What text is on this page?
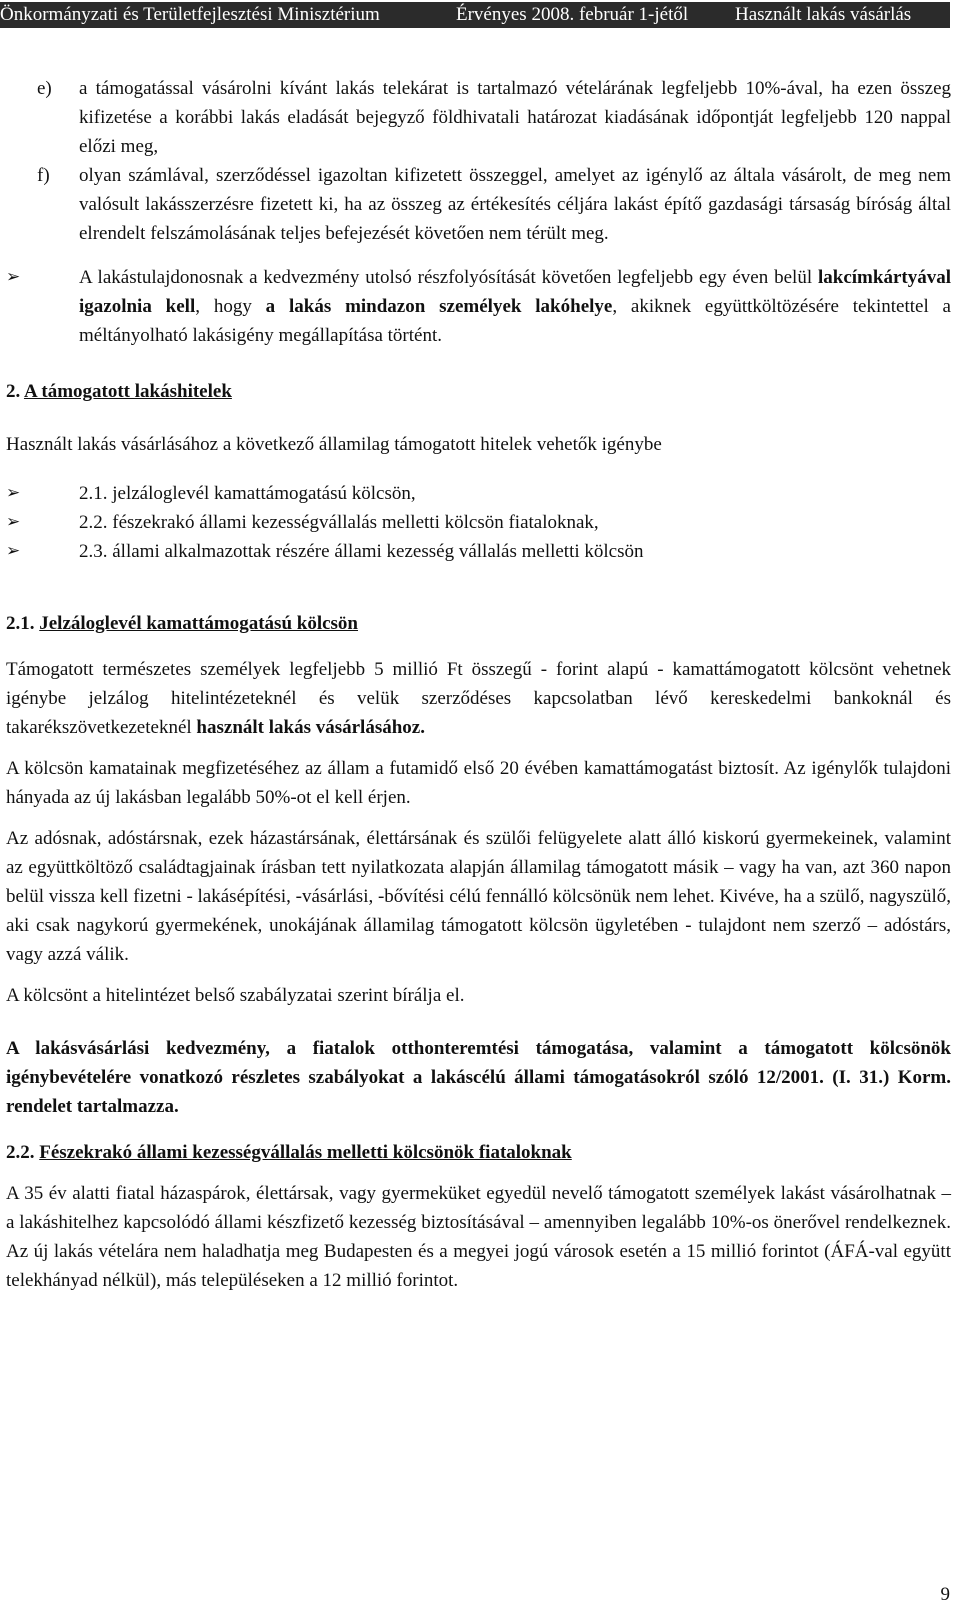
Önkormányzati és Területfejlesztési Minisztérium	Érvényes 2008. február 1-jétől Használt lakás vásárlás
e) a támogatással vásárolni kívánt lakás telekárat is tartalmazó vételárának legfeljebb 10%-ával, ha ezen összeg kifizetése a korábbi lakás eladását bejegyző földhivatali határozat kiadásának időpontját legfeljebb 120 nappal előzi meg,
f) olyan számlával, szerződéssel igazoltan kifizetett összeggel, amelyet az igénylő az általa vásárolt, de meg nem valósult lakásszerzésre fizetett ki, ha az összeg az értékesítés céljára lakást építő gazdasági társaság bíróság által elrendelt felszámolásának teljes befejezését követően nem térült meg.
➢	A lakástulajdonosnak a kedvezmény utolsó részfolyósítását követően legfeljebb egy éven belül lakcímkártyával igazolnia kell, hogy a lakás mindazon személyek lakóhelye, akiknek együttköltözésére tekintettel a méltányolható lakásigény megállapítása történt.

2. A támogatott lakáshitelek

Használt lakás vásárlásához a következő államilag támogatott hitelek vehetők igénybe

➢	2.1. jelzáloglevél kamattámogatású kölcsön,
➢	2.2. fészekrakó állami kezességvállalás melletti kölcsön fiataloknak,
➢	2.3. állami alkalmazottak részére állami kezesség vállalás melletti kölcsön

2.1. Jelzáloglevél kamattámogatású kölcsön

Támogatott természetes személyek legfeljebb 5 millió Ft összegű - forint alapú - kamattámogatott kölcsönt vehetnek igénybe jelzálog hitelintézeteknél és velük szerződéses kapcsolatban lévő kereskedelmi bankoknál és takarékszövetkezeteknél használt lakás vásárlásához.

A kölcsön kamatainak megfizetéséhez az állam a futamidő első 20 évében kamattámogatást biztosít. Az igénylők tulajdoni hányada az új lakásban legalább 50%-ot el kell érjen.

Az adósnak, adóstársnak, ezek házastársának, élettársának és szülői felügyelete alatt álló kiskorú gyermekeinek, valamint az együttköltöző családtagjainak írásban tett nyilatkozata alapján államilag támogatott másik – vagy ha van, azt 360 napon belül vissza kell fizetni - lakásépítési, -vásárlási, -bővítési célú fennálló kölcsönük nem lehet. Kivéve, ha a szülő, nagyszülő, aki csak nagykorú gyermekének, unokájának államilag támogatott kölcsön ügyletében - tulajdont nem szerző – adóstárs, vagy azzá válik.

A kölcsönt a hitelintézet belső szabályzatai szerint bírálja el.

A lakásvásárlási kedvezmény, a fiatalok otthonteremtési támogatása, valamint a támogatott kölcsönök igénybevételére vonatkozó részletes szabályokat a lakáscélú állami támogatásokról szóló 12/2001. (I. 31.) Korm. rendelet tartalmazza.

2.2. Fészekrakó állami kezességvállalás melletti kölcsönök fiataloknak

A 35 év alatti fiatal házaspárok, élettársak, vagy gyermeküket egyedül nevelő támogatott személyek lakást vásárolhatnak – a lakáshitelhez kapcsolódó állami készfizető kezesség biztosításával – amennyiben legalább 10%-os önerővel rendelkeznek. Az új lakás vételára nem haladhatja meg Budapesten és a megyei jogú városok esetén a 15 millió forintot (ÁFÁ-val együtt telekhányad nélkül), más településeken a 12 millió forintot.

9
